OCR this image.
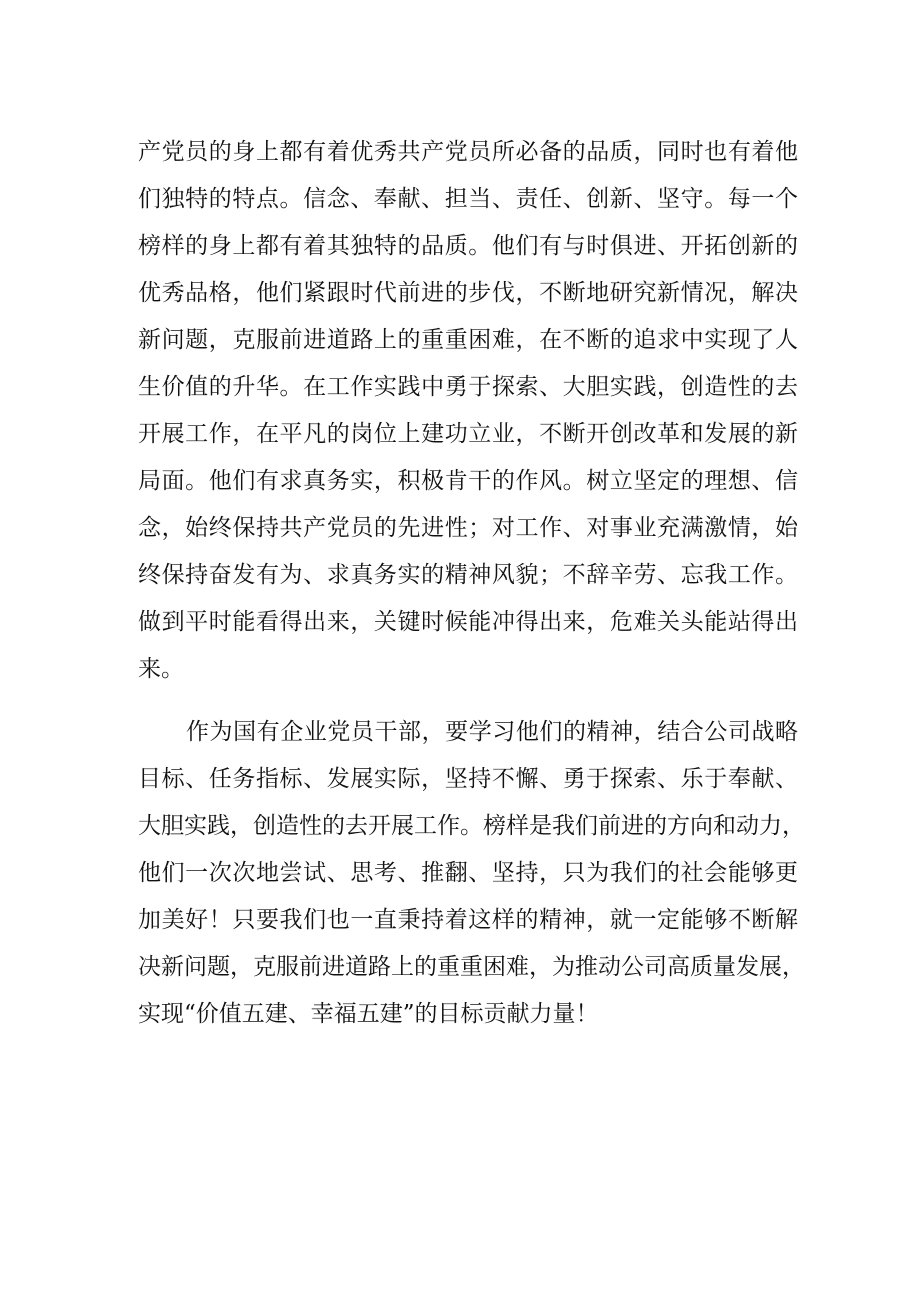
产党员的身上都有着优秀共产党员所必备的品质，同时也有着他
们独特的特点。信念、奉献、担当、责任、创新、坚守。每一个
榜样的身上都有着其独特的品质。他们有与时俱进、开拓创新的
优秀品格，他们紧跟时代前进的步伐，不断地研究新情况，解决
新问题，克服前进道路上的重重困难，在不断的追求中实现了人
生价值的升华。在工作实践中勇于探索、大胆实践，创造性的去
开展工作，在平凡的岗位上建功立业，不断开创改革和发展的新
局面。他们有求真务实，积极肯干的作风。树立坚定的理想、信
念，始终保持共产党员的先进性；对工作、对事业充满激情，始
终保持奋发有为、求真务实的精神风貌；不辞辛劳、忘我工作。
做到平时能看得出来，关键时候能冲得出来，危难关头能站得出
来。
作为国有企业党员干部，要学习他们的精神，结合公司战略
目标、任务指标、发展实际，坚持不懈、勇于探索、乐于奉献、
大胆实践，创造性的去开展工作。榜样是我们前进的方向和动力，
他们一次次地尝试、思考、推翻、坚持，只为我们的社会能够更
加美好！只要我们也一直秉持着这样的精神，就一定能够不断解
决新问题，克服前进道路上的重重困难，为推动公司高质量发展，
实现“价值五建、幸福五建”的目标贡献力量！
